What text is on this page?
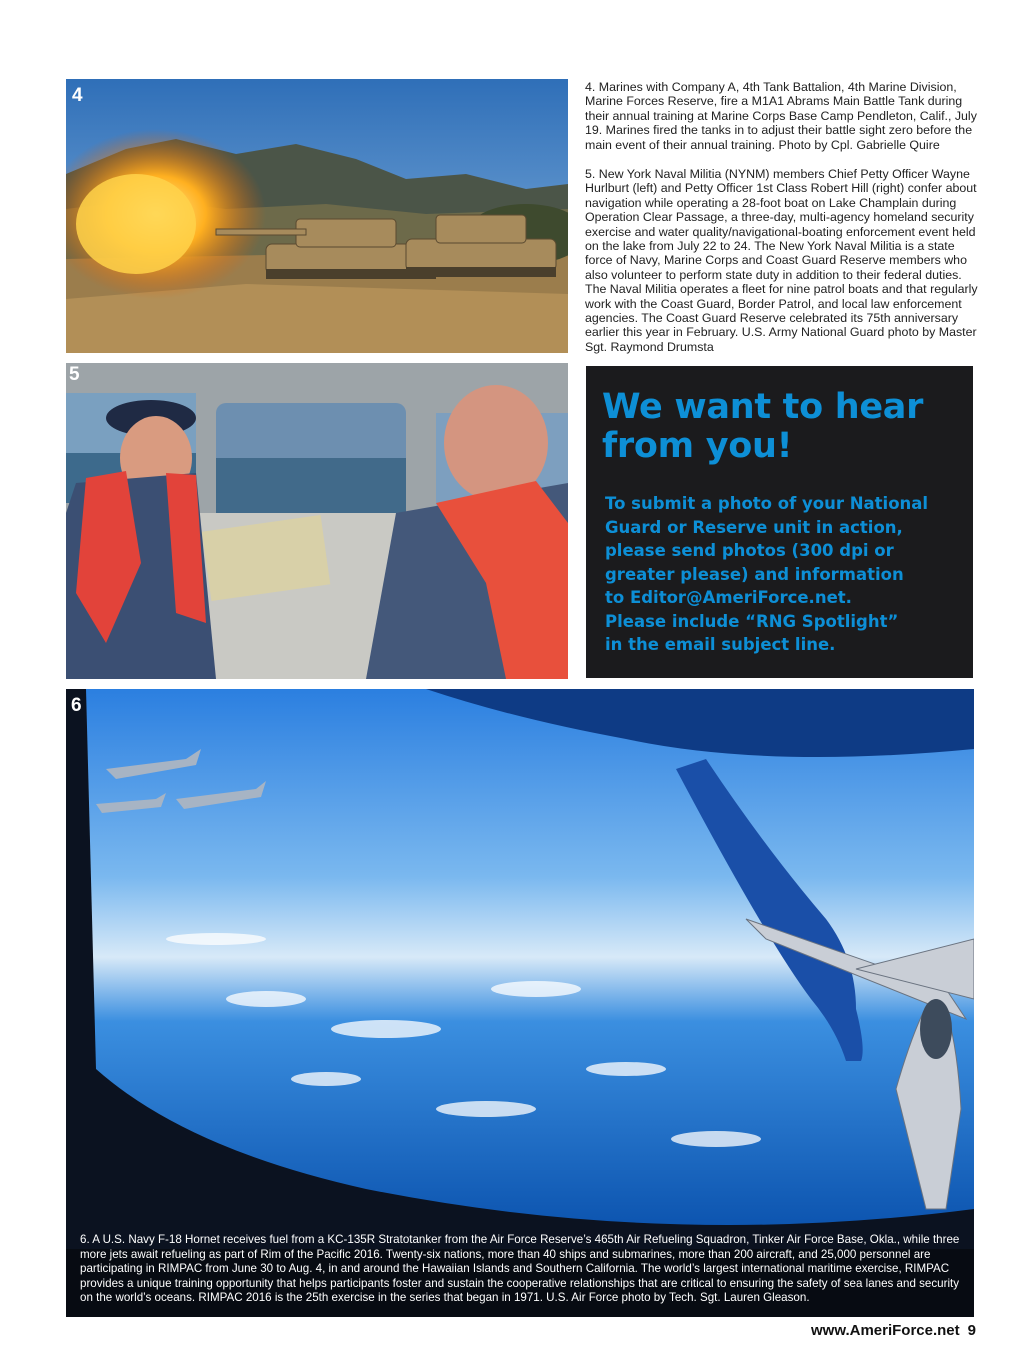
4	4. Marines with Company A, 4th Tank Battalion, 4th Marine Division, Marine Forces Reserve, fire a M1A1 Abrams Main Battle Tank during their annual training at Marine Corps Base Camp Pendleton, Calif., July 19. Marines fired the tanks in to adjust their battle sight zero before the main event of their annual training. Photo by Cpl. Gabrielle Quire

5. New York Naval Militia (NYNM) members Chief Petty Officer Wayne Hurlburt (left) and Petty Officer 1st Class Robert Hill (right) confer about navigation while operating a 28-foot boat on Lake Champlain during Operation Clear Passage, a three-day, multi-agency homeland security exercise and water quality/navigational-boating enforcement event held on the lake from July 22 to 24. The New York Naval Militia is a state force of Navy, Marine Corps and Coast Guard Reserve members who also volunteer to perform state duty in addition to their federal duties. The Naval Militia operates a fleet for nine patrol boats and that regularly work with the Coast Guard, Border Patrol, and local law enforcement agencies. The Coast Guard Reserve celebrated its 75th anniversary earlier this year in February. U.S. Army National Guard photo by Master Sgt. Raymond Drumsta

5
We want to hear
from you!
To submit a photo of your National
Guard or Reserve unit in action,
please send photos (300 dpi or
greater please) and information
to Editor@AmeriForce.net.
Please include “RNG Spotlight”
in the email subject line.
6

6. A U.S. Navy F-18 Hornet receives fuel from a KC-135R Stratotanker from the Air Force Reserve’s 465th Air Refueling Squadron, Tinker Air Force Base, Okla., while three more jets await refueling as part of Rim of the Pacific 2016. Twenty-six nations, more than 40 ships and submarines, more than 200 aircraft, and 25,000 personnel are participating in RIMPAC from June 30 to Aug. 4, in and around the Hawaiian Islands and Southern California. The world’s largest international maritime exercise, RIMPAC provides a unique training opportunity that helps participants foster and sustain the cooperative relationships that are critical to ensuring the safety of sea lanes and security on the world’s oceans. RIMPAC 2016 is the 25th exercise in the series that began in 1971. U.S. Air Force photo by Tech. Sgt. Lauren Gleason.

www.AmeriForce.net 9
